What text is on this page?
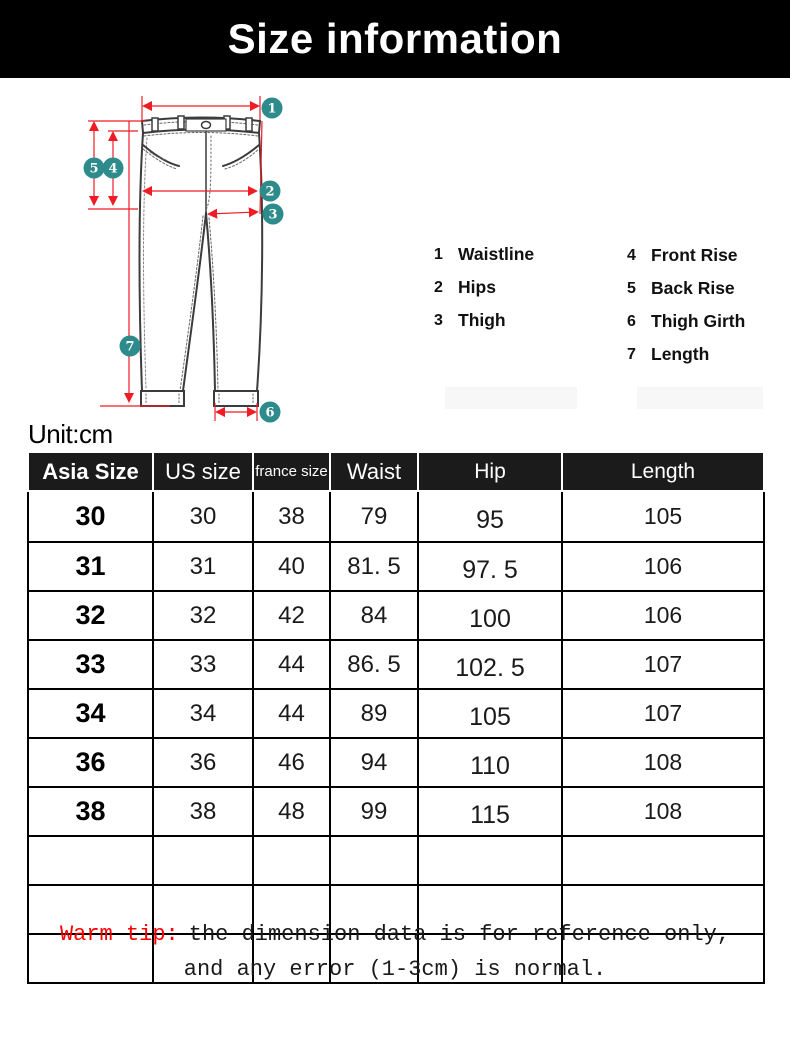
Size information
1
2
3
4
5
6
7
1 Waistline
2 Hips
3 Thigh
4 Front Rise
5 Back Rise
6 Thigh Girth
7 Length
Unit:cm
Asia Size	US size	france size	Waist	Hip	Length
30	30	38	79	95	105
31	31	40	81. 5	97. 5	106
32	32	42	84	100	106
33	33	44	86. 5	102. 5	107
34	34	44	89	105	107
36	36	46	94	110	108
38	38	48	99	115	108

Warm tip: the dimension data is for reference only,
and any error (1-3cm) is normal.
